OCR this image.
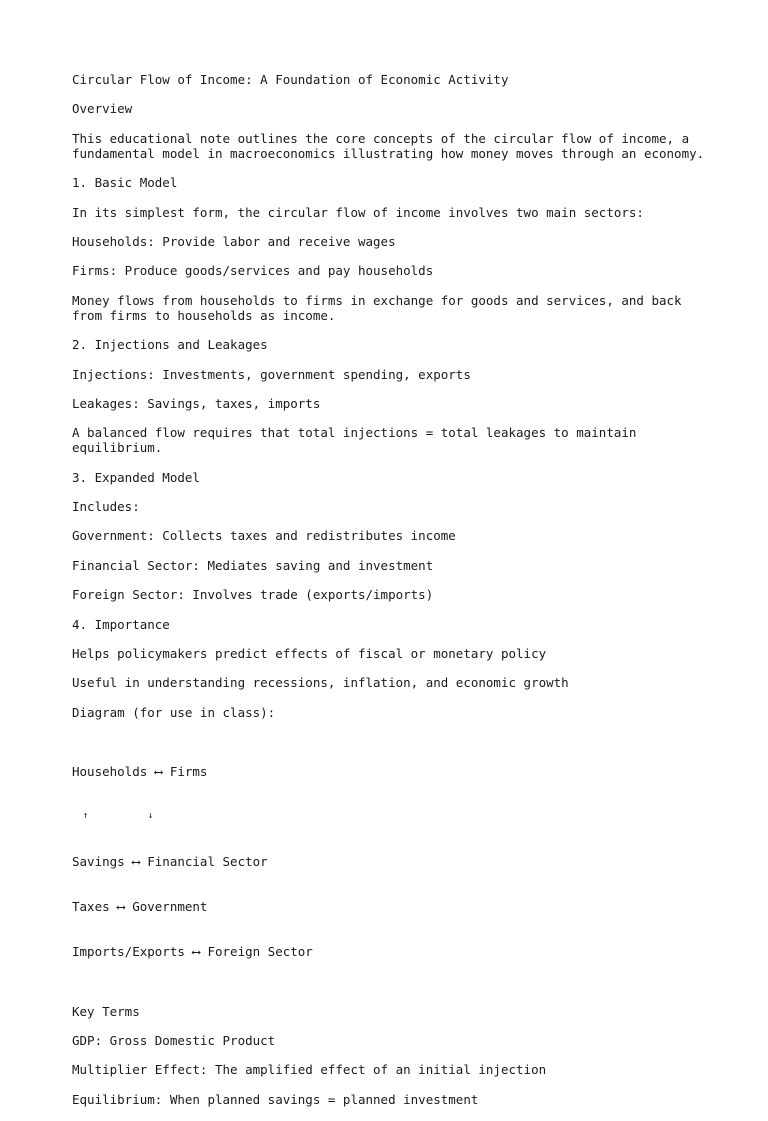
Circular Flow of Income: A Foundation of Economic Activity

Overview

This educational note outlines the core concepts of the circular flow of income, a fundamental model in macroeconomics illustrating how money moves through an economy.

1. Basic Model

In its simplest form, the circular flow of income involves two main sectors:

Households: Provide labor and receive wages

Firms: Produce goods/services and pay households

Money flows from households to firms in exchange for goods and services, and back from firms to households as income.

2. Injections and Leakages

Injections: Investments, government spending, exports

Leakages: Savings, taxes, imports

A balanced flow requires that total injections = total leakages to maintain equilibrium.

3. Expanded Model

Includes:

Government: Collects taxes and redistributes income

Financial Sector: Mediates saving and investment

Foreign Sector: Involves trade (exports/imports)

4. Importance

Helps policymakers predict effects of fiscal or monetary policy

Useful in understanding recessions, inflation, and economic growth

Diagram (for use in class):

Households ⟷ Firms

↑           ↓

Savings ⟷ Financial Sector

Taxes ⟷ Government

Imports/Exports ⟷ Foreign Sector

Key Terms

GDP: Gross Domestic Product

Multiplier Effect: The amplified effect of an initial injection

Equilibrium: When planned savings = planned investment
